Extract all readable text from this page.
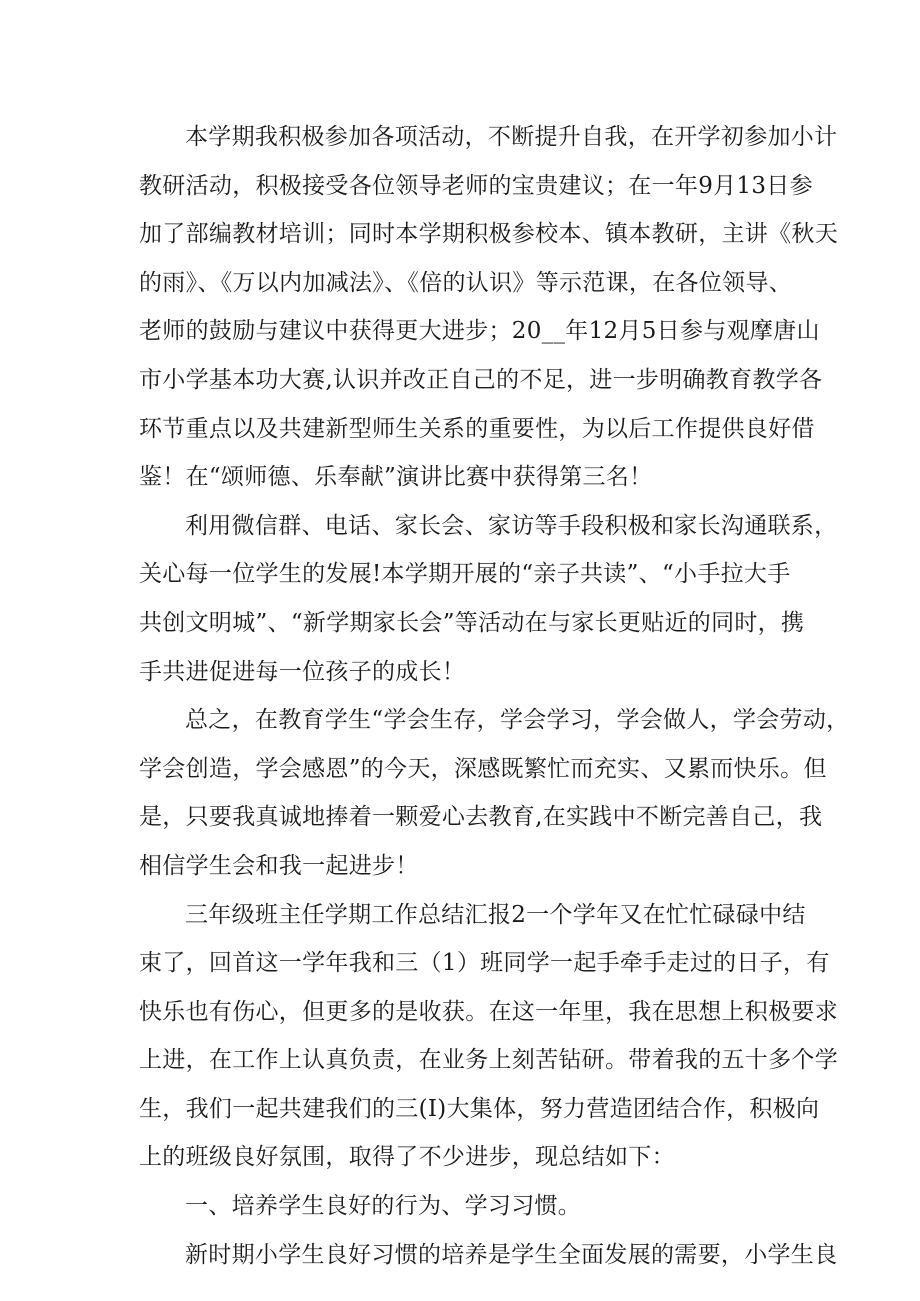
本学期我积极参加各项活动，不断提升自我，在开学初参加小计
教研活动，积极接受各位领导老师的宝贵建议；在一年9月13日参
加了部编教材培训；同时本学期积极参校本、镇本教研，主讲《秋天
的雨》、《万以内加减法》、《倍的认识》等示范课，在各位领导、
老师的鼓励与建议中获得更大进步；20__年12月5日参与观摩唐山
市小学基本功大赛,认识并改正自己的不足，进一步明确教育教学各
环节重点以及共建新型师生关系的重要性，为以后工作提供良好借
鉴！在“颂师德、乐奉献”演讲比赛中获得第三名！
利用微信群、电话、家长会、家访等手段积极和家长沟通联系，
关心每一位学生的发展!本学期开展的“亲子共读”、“小手拉大手
共创文明城”、“新学期家长会”等活动在与家长更贴近的同时，携
手共进促进每一位孩子的成长！
总之，在教育学生“学会生存，学会学习，学会做人，学会劳动，
学会创造，学会感恩”的今天，深感既繁忙而充实、又累而快乐。但
是，只要我真诚地捧着一颗爱心去教育,在实践中不断完善自己，我
相信学生会和我一起进步！
三年级班主任学期工作总结汇报2一个学年又在忙忙碌碌中结
束了，回首这一学年我和三（1）班同学一起手牵手走过的日子，有
快乐也有伤心，但更多的是收获。在这一年里，我在思想上积极要求
上进，在工作上认真负责，在业务上刻苦钻研。带着我的五十多个学
生，我们一起共建我们的三(I)大集体，努力营造团结合作，积极向
上的班级良好氛围，取得了不少进步，现总结如下：
一、培养学生良好的行为、学习习惯。
新时期小学生良好习惯的培养是学生全面发展的需要，小学生良
